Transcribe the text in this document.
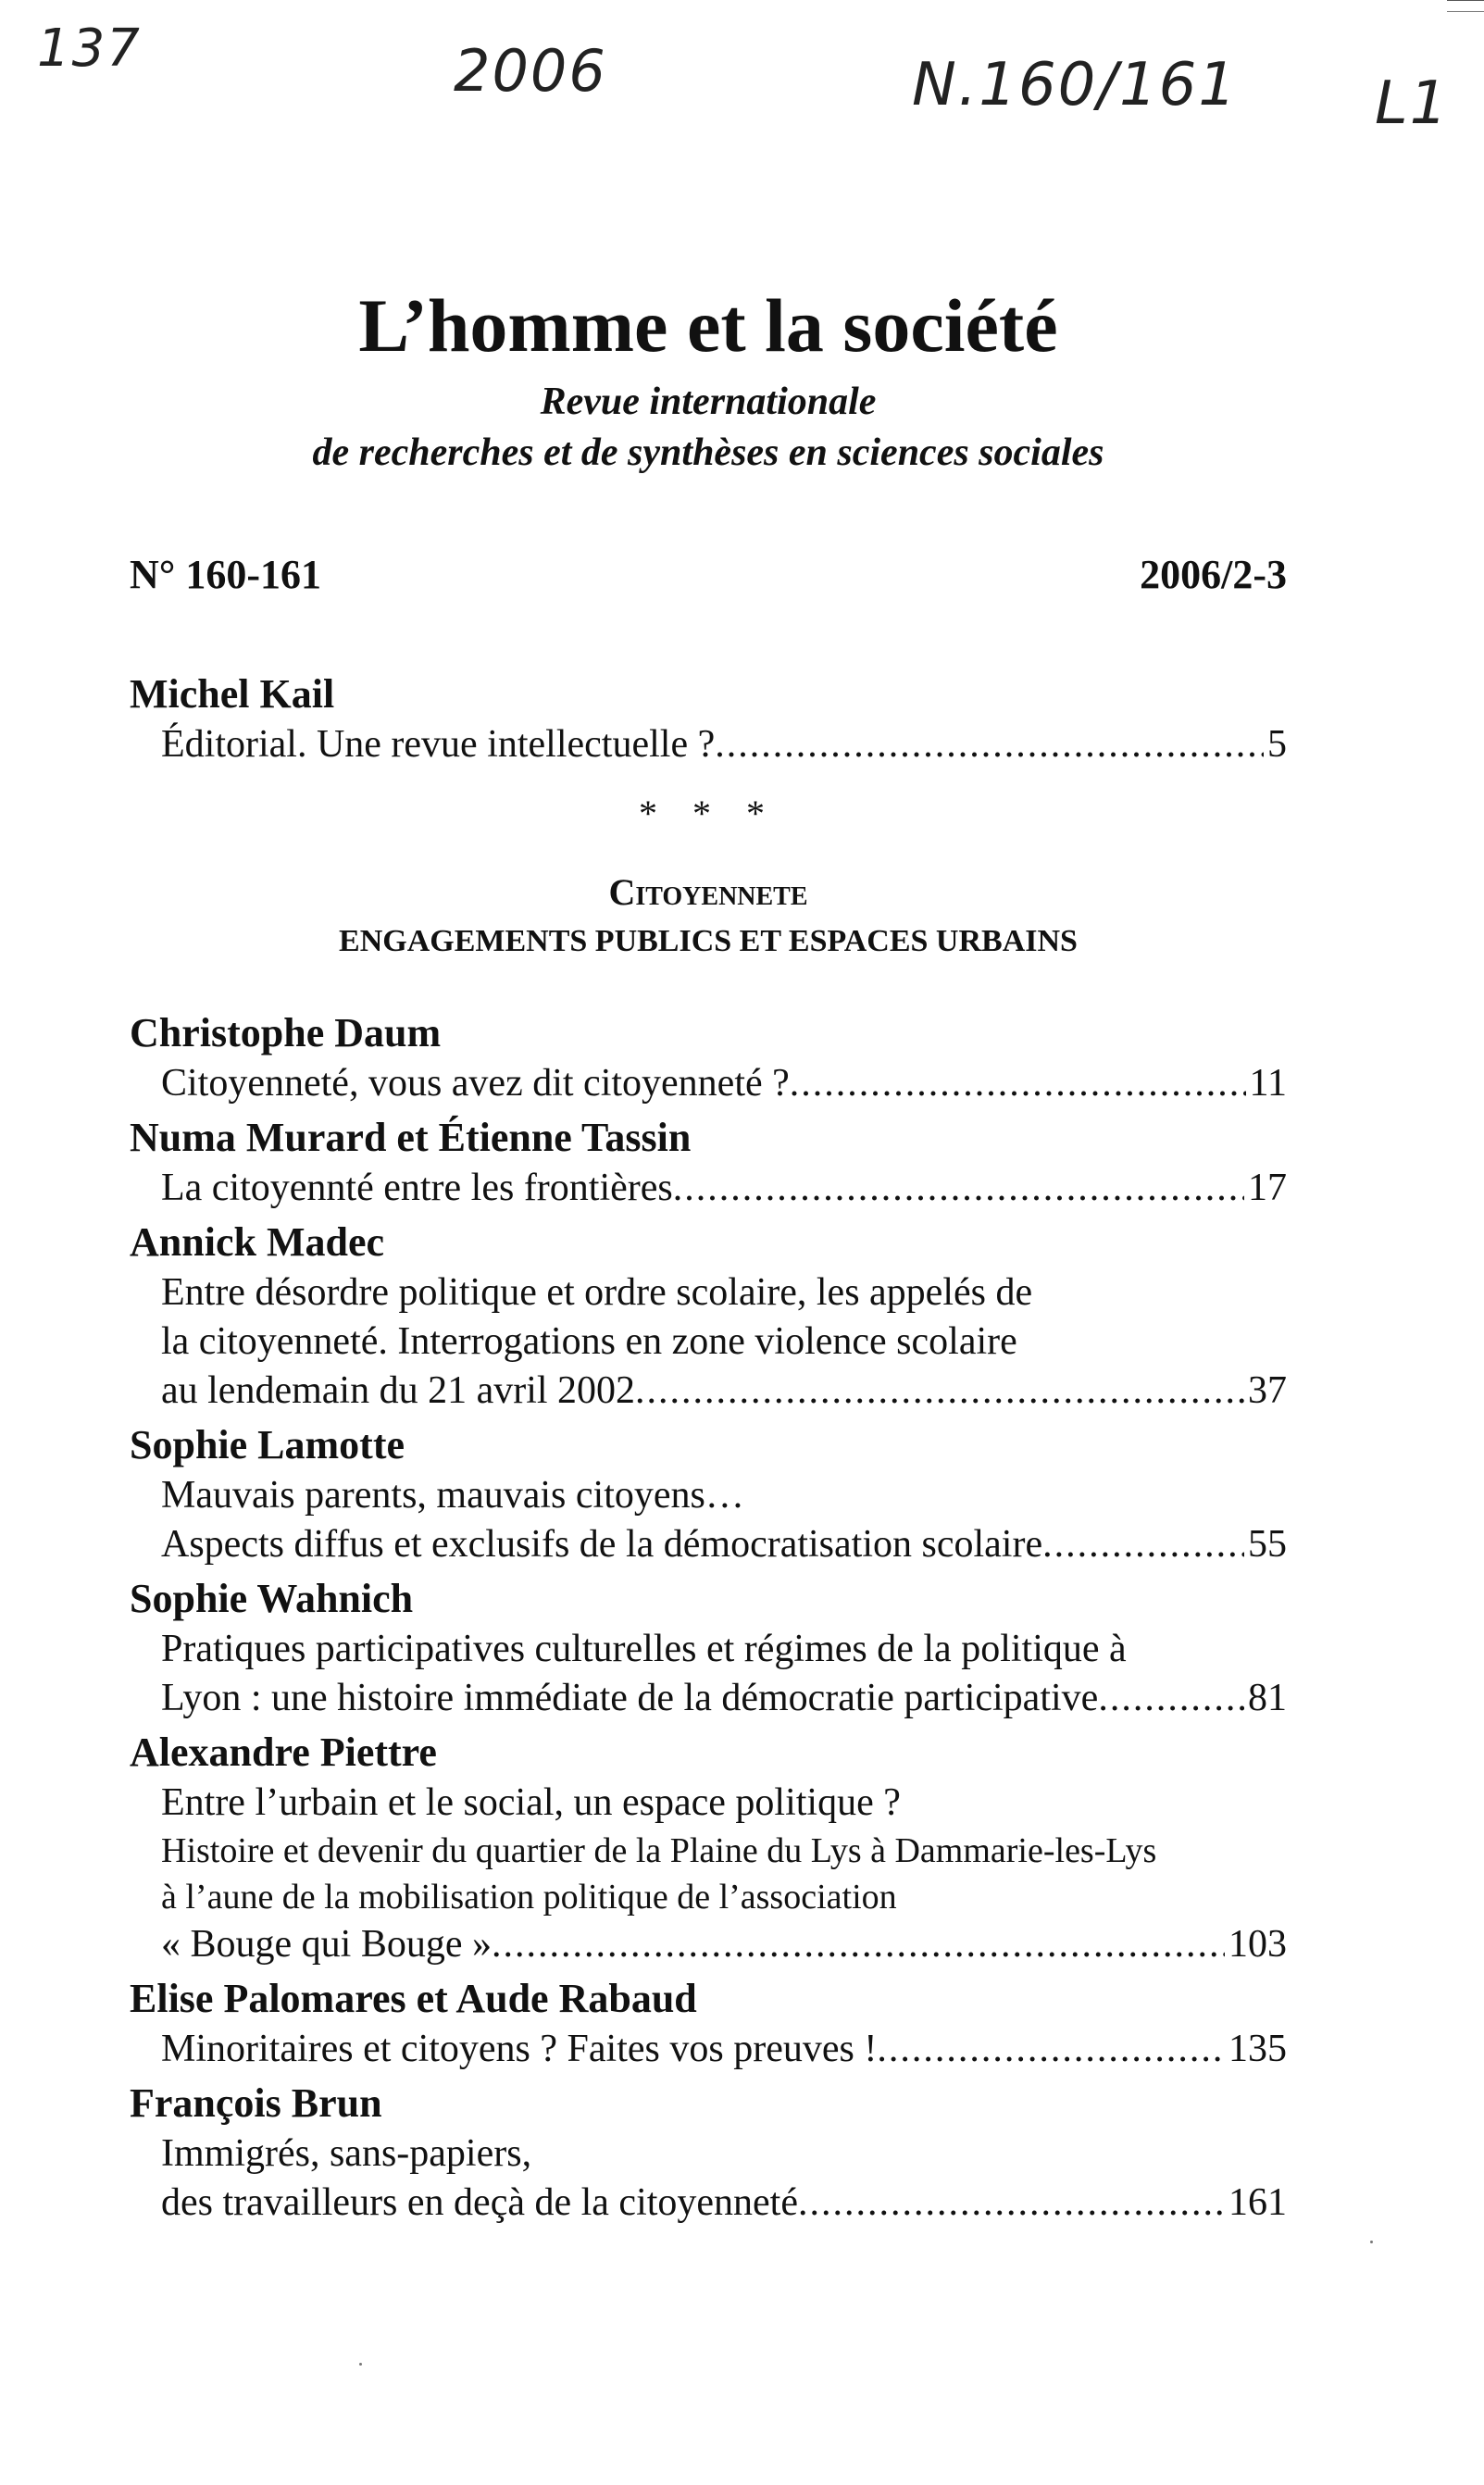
137	2006	N.160/161 L1
L’homme et la société
Revue internationale
de recherches et de synthèses en sciences sociales
N° 160-161	2006/2-3
Michel Kail
Éditorial. Une revue intellectuelle ? .....	5
* * *
Citoyennete
ENGAGEMENTS PUBLICS ET ESPACES URBAINS
Christophe Daum
Citoyenneté, vous avez dit citoyenneté ? .....	11
Numa Murard et Étienne Tassin
La citoyennté entre les frontières .....	17
Annick Madec
Entre désordre politique et ordre scolaire, les appelés de
la citoyenneté. Interrogations en zone violence scolaire
au lendemain du 21 avril 2002 .....	37
Sophie Lamotte
Mauvais parents, mauvais citoyens…
Aspects diffus et exclusifs de la démocratisation scolaire .....	55
Sophie Wahnich
Pratiques participatives culturelles et régimes de la politique à
Lyon : une histoire immédiate de la démocratie participative .....	81
Alexandre Piettre
Entre l’urbain et le social, un espace politique ?
Histoire et devenir du quartier de la Plaine du Lys à Dammarie-les-Lys
à l’aune de la mobilisation politique de l’association
« Bouge qui Bouge » .....	103
Elise Palomares et Aude Rabaud
Minoritaires et citoyens ? Faites vos preuves ! .....	135
François Brun
Immigrés, sans-papiers,
des travailleurs en deçà de la citoyenneté .....	161
